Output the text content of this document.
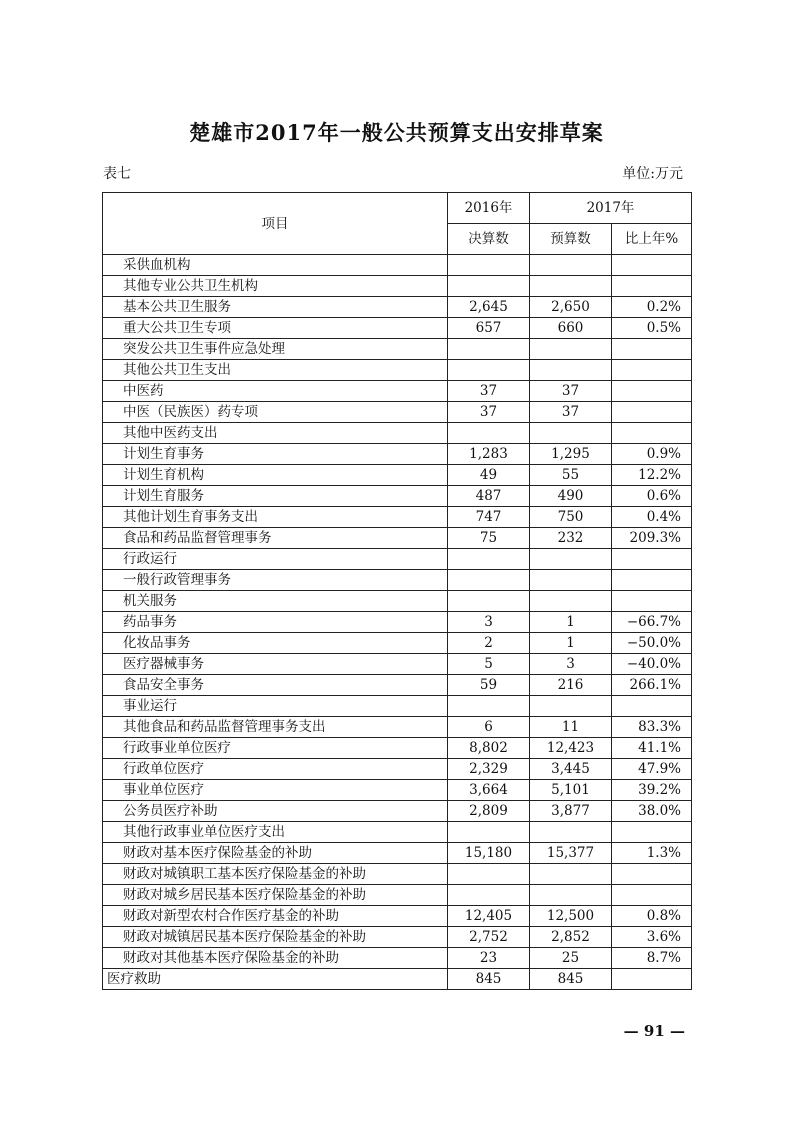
楚雄市2017年一般公共预算支出安排草案
表七	单位:万元
项目	2016年	2017年	
	决算数	预算数	比上年%
采供血机构			
其他专业公共卫生机构			
基本公共卫生服务	2,645	2,650	0.2%
重大公共卫生专项	657	660	0.5%
突发公共卫生事件应急处理			
其他公共卫生支出			
中医药	37	37	
中医（民族医）药专项	37	37	
其他中医药支出			
计划生育事务	1,283	1,295	0.9%
计划生育机构	49	55	12.2%
计划生育服务	487	490	0.6%
其他计划生育事务支出	747	750	0.4%
食品和药品监督管理事务	75	232	209.3%
行政运行			
一般行政管理事务			
机关服务			
药品事务	3	1	−66.7%
化妆品事务	2	1	−50.0%
医疗器械事务	5	3	−40.0%
食品安全事务	59	216	266.1%
事业运行			
其他食品和药品监督管理事务支出	6	11	83.3%
行政事业单位医疗	8,802	12,423	41.1%
行政单位医疗	2,329	3,445	47.9%
事业单位医疗	3,664	5,101	39.2%
公务员医疗补助	2,809	3,877	38.0%
其他行政事业单位医疗支出			
财政对基本医疗保险基金的补助	15,180	15,377	1.3%
财政对城镇职工基本医疗保险基金的补助			
财政对城乡居民基本医疗保险基金的补助			
财政对新型农村合作医疗基金的补助	12,405	12,500	0.8%
财政对城镇居民基本医疗保险基金的补助	2,752	2,852	3.6%
财政对其他基本医疗保险基金的补助	23	25	8.7%
医疗救助	845	845	
— 91 —
